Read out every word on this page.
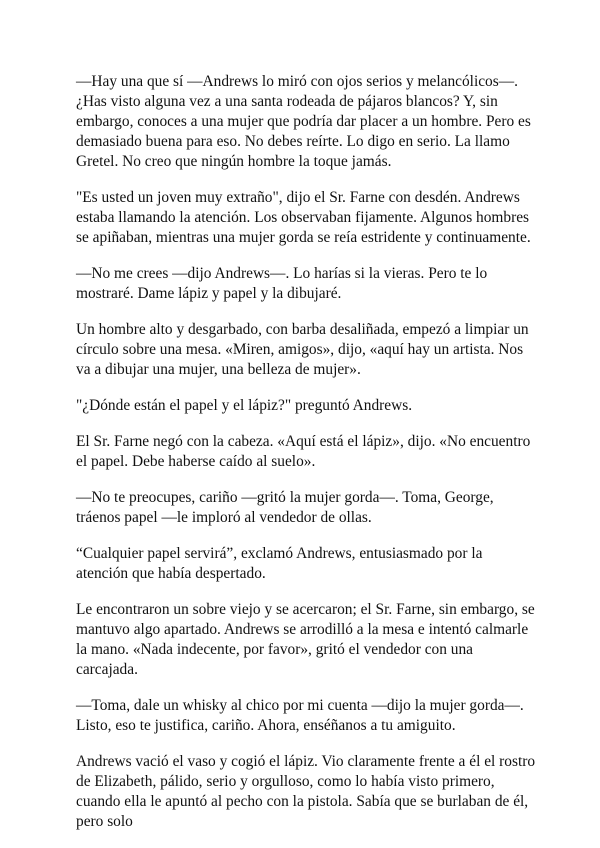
—Hay una que sí —Andrews lo miró con ojos serios y melancólicos—. ¿Has visto alguna vez a una santa rodeada de pájaros blancos? Y, sin embargo, conoces a una mujer que podría dar placer a un hombre. Pero es demasiado buena para eso. No debes reírte. Lo digo en serio. La llamo Gretel. No creo que ningún hombre la toque jamás.

"Es usted un joven muy extraño", dijo el Sr. Farne con desdén. Andrews estaba llamando la atención. Los observaban fijamente. Algunos hombres se apiñaban, mientras una mujer gorda se reía estridente y continuamente.

—No me crees —dijo Andrews—. Lo harías si la vieras. Pero te lo mostraré. Dame lápiz y papel y la dibujaré.

Un hombre alto y desgarbado, con barba desaliñada, empezó a limpiar un círculo sobre una mesa. «Miren, amigos», dijo, «aquí hay un artista. Nos va a dibujar una mujer, una belleza de mujer».

"¿Dónde están el papel y el lápiz?" preguntó Andrews.

El Sr. Farne negó con la cabeza. «Aquí está el lápiz», dijo. «No encuentro el papel. Debe haberse caído al suelo».

—No te preocupes, cariño —gritó la mujer gorda—. Toma, George, tráenos papel —le imploró al vendedor de ollas.

“Cualquier papel servirá”, exclamó Andrews, entusiasmado por la atención que había despertado.

Le encontraron un sobre viejo y se acercaron; el Sr. Farne, sin embargo, se mantuvo algo apartado. Andrews se arrodilló a la mesa e intentó calmarle la mano. «Nada indecente, por favor», gritó el vendedor con una carcajada.

—Toma, dale un whisky al chico por mi cuenta —dijo la mujer gorda—. Listo, eso te justifica, cariño. Ahora, enséñanos a tu amiguito.

Andrews vació el vaso y cogió el lápiz. Vio claramente frente a él el rostro de Elizabeth, pálido, serio y orgulloso, como lo había visto primero, cuando ella le apuntó al pecho con la pistola. Sabía que se burlaban de él, pero solo
